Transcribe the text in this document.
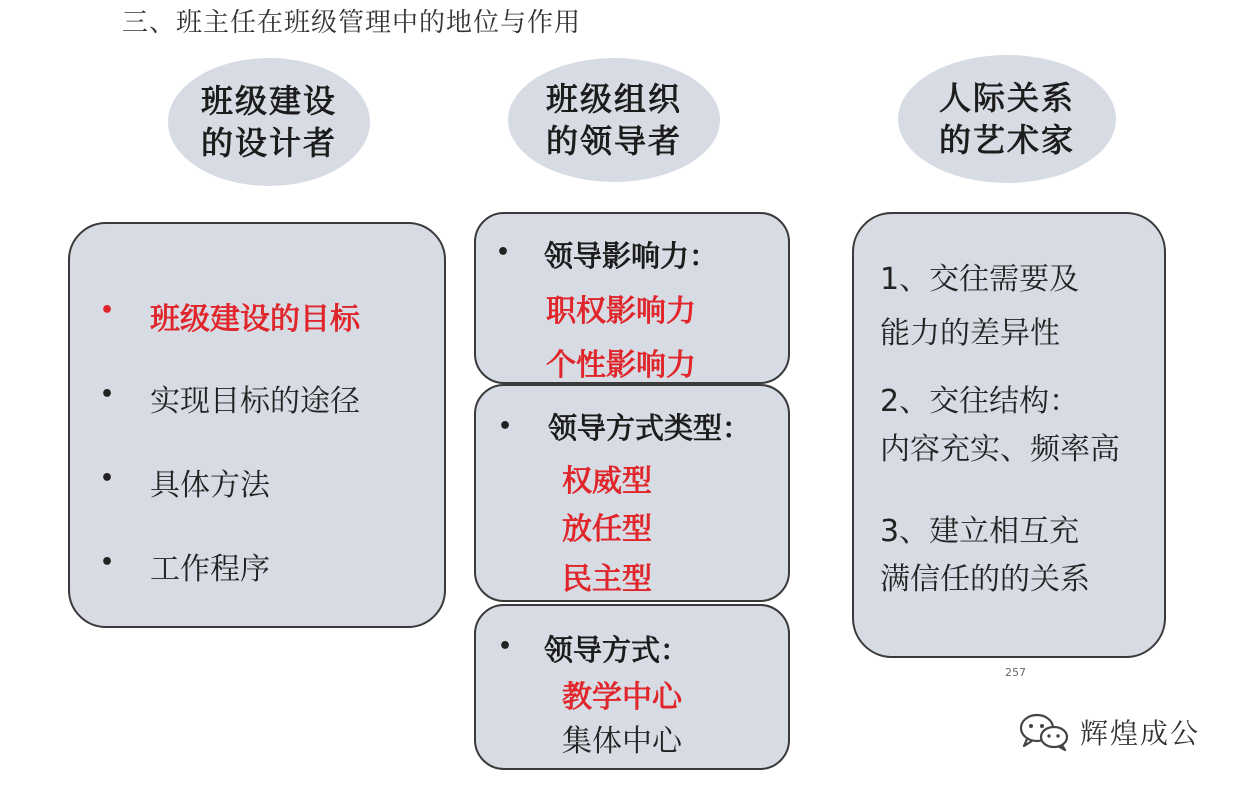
三、班主任在班级管理中的地位与作用
班级建设
的设计者
班级组织
的领导者
人际关系
的艺术家
• 班级建设的目标
• 实现目标的途径
• 具体方法
• 工作程序
• 领导影响力：
职权影响力
个性影响力
• 领导方式类型：
权威型
放任型
民主型
• 领导方式：
教学中心
集体中心
1、交往需要及
能力的差异性
2、交往结构：
内容充实、频率高
3、建立相互充
满信任的的关系
257
辉煌成公
